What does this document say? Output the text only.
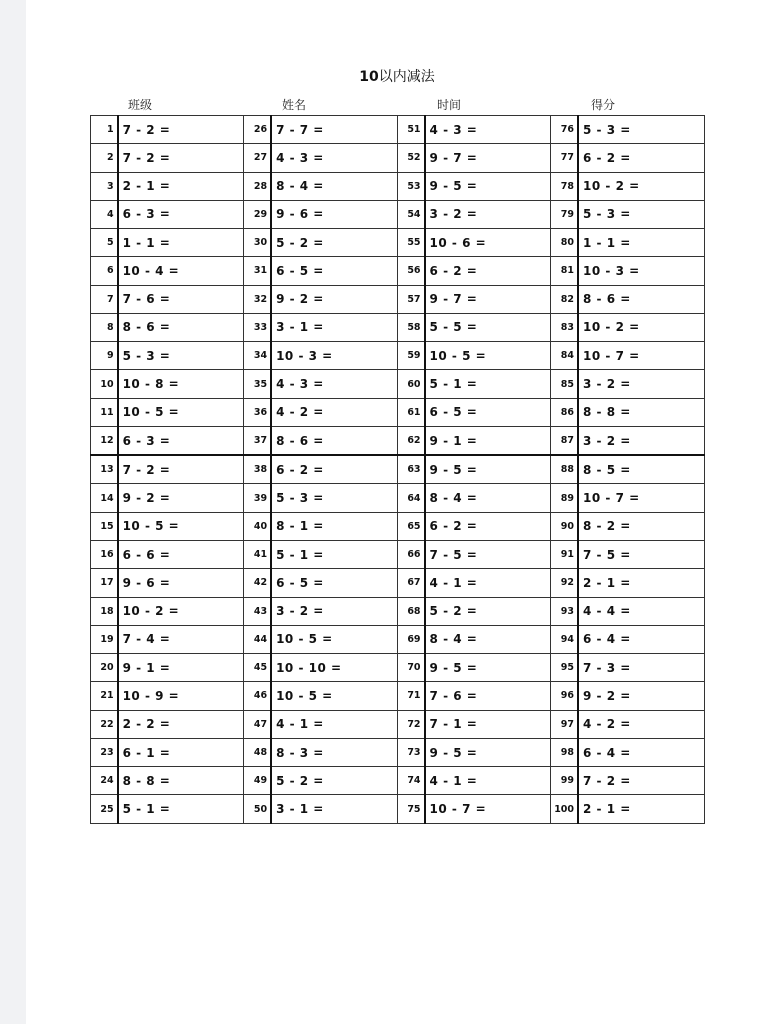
10以内减法
班级	姓名	时间	得分
1	7 - 2 =	26	7 - 7 =	51	4 - 3 =	76	5 - 3 =
2	7 - 2 =	27	4 - 3 =	52	9 - 7 =	77	6 - 2 =
3	2 - 1 =	28	8 - 4 =	53	9 - 5 =	78	10 - 2 =
4	6 - 3 =	29	9 - 6 =	54	3 - 2 =	79	5 - 3 =
5	1 - 1 =	30	5 - 2 =	55	10 - 6 =	80	1 - 1 =
6	10 - 4 =	31	6 - 5 =	56	6 - 2 =	81	10 - 3 =
7	7 - 6 =	32	9 - 2 =	57	9 - 7 =	82	8 - 6 =
8	8 - 6 =	33	3 - 1 =	58	5 - 5 =	83	10 - 2 =
9	5 - 3 =	34	10 - 3 =	59	10 - 5 =	84	10 - 7 =
10	10 - 8 =	35	4 - 3 =	60	5 - 1 =	85	3 - 2 =
11	10 - 5 =	36	4 - 2 =	61	6 - 5 =	86	8 - 8 =
12	6 - 3 =	37	8 - 6 =	62	9 - 1 =	87	3 - 2 =
13	7 - 2 =	38	6 - 2 =	63	9 - 5 =	88	8 - 5 =
14	9 - 2 =	39	5 - 3 =	64	8 - 4 =	89	10 - 7 =
15	10 - 5 =	40	8 - 1 =	65	6 - 2 =	90	8 - 2 =
16	6 - 6 =	41	5 - 1 =	66	7 - 5 =	91	7 - 5 =
17	9 - 6 =	42	6 - 5 =	67	4 - 1 =	92	2 - 1 =
18	10 - 2 =	43	3 - 2 =	68	5 - 2 =	93	4 - 4 =
19	7 - 4 =	44	10 - 5 =	69	8 - 4 =	94	6 - 4 =
20	9 - 1 =	45	10 - 10 =	70	9 - 5 =	95	7 - 3 =
21	10 - 9 =	46	10 - 5 =	71	7 - 6 =	96	9 - 2 =
22	2 - 2 =	47	4 - 1 =	72	7 - 1 =	97	4 - 2 =
23	6 - 1 =	48	8 - 3 =	73	9 - 5 =	98	6 - 4 =
24	8 - 8 =	49	5 - 2 =	74	4 - 1 =	99	7 - 2 =
25	5 - 1 =	50	3 - 1 =	75	10 - 7 =	100	2 - 1 =
